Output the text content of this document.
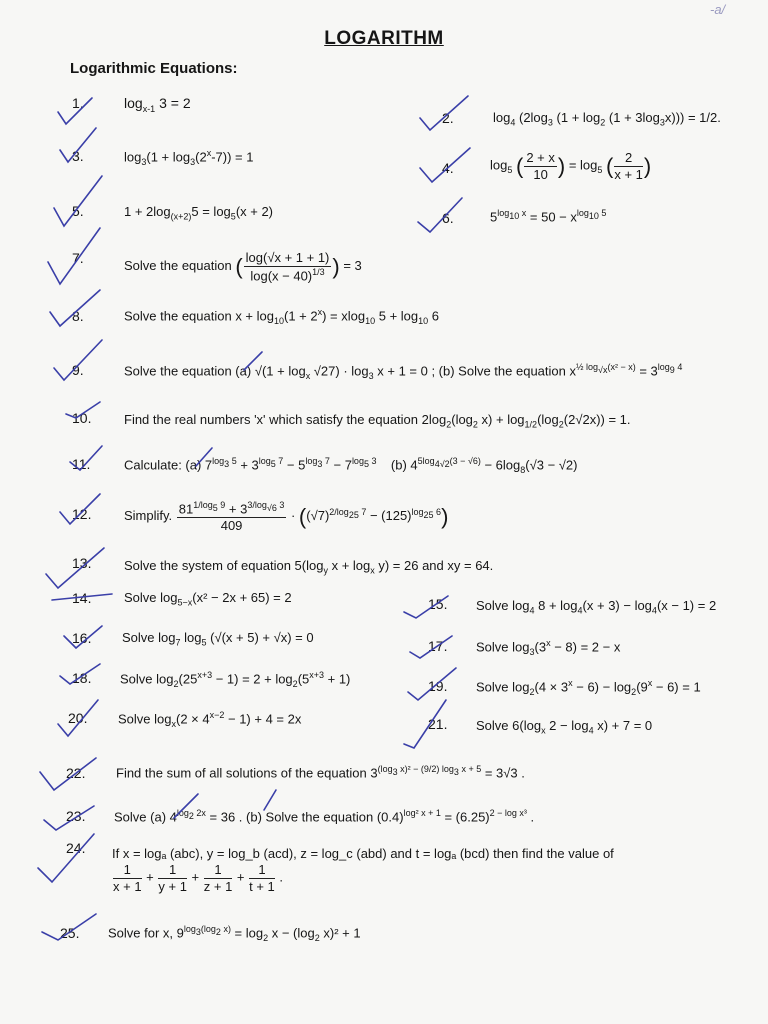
-a/
LOGARITHM
Logarithmic Equations:
1.	$\log_{x-1} 3 = 2$
2.	$\log_4 (2\log_3$ $(1 + \log_2 (1 + 3\log_3x))) = 1/2$.
3.	$\log_3(1 + \log_3(2^x-7)) = 1$
4.	$\log_5$ ( $\frac{2 + x}{10}$ ) = $\log_5$ ( $\frac{2}{x + 1}$ )
5.	$1 + 2\log_{(x+2)}5 = \log_5(x + 2)$	6.	$5^{log_{10} x} = 50 - x^{log_{10} 5}$
7.	Solve the equation ( $\frac{\log(√x + 1 + 1)}{\log(x - 40)^{1/3}}$ ) = 3
8.	Solve the equation $x + \log_{10}(1 + 2^x) = xlog_{10}$ $5 + \log_{10} 6$
9.	Solve the equation (a) $√(1 + \log_x √27) \cdot \log_3 x + 1 = 0$ ; (b) Solve the equation $x^{\frac{1}{2} log_{√x}(x^2 - x)} = 3^{log_9 4}$
10.	Find the real numbers 'x' which satisfy the equation $2\log_2(\log_2$ $x) + \log_{1/2}(\log_2(2√2x)) = 1$.
11.	Calculate: (a) $7^{log_3 5} + 3^{log_5 7} - 5^{log_3 7} - 7^{log_5 3}$    (b) $4^{5log_{4√2}(3 - √6)} - 6\log_8(√3 - √2)$
12.	Simplify. $\frac{81^{1/log_5 9} + 3^{3/log_{√6} 3}}{409} \cdot ((√7)^{2/log_{25} 7} - (125)^{log_{25} 6})$
13.	Solve the system of equation $5(\log_y$ $x + \log_x y) = 26$ and xy = 64.
14.	Solve $\log_{5-x}(x^2 - 2x + 65) = 2$	15. Solve $\log_4 8 + \log_4(x + 3) - \log_4(x - 1) = 2$
16. Solve $\log_7 \log_5 (√(x + 5) + √x) = 0$
17. Solve $\log_3(3^x - 8) = 2 - x$
18. Solve $\log_2(25^{x+3} - 1) = 2 + \log_2(5^{x+3} + 1)$	19. Solve $\log_2(4 \times 3^x - 6) - \log_2(9^x - 6) = 1$
20. Solve $\log_x(2 \times 4^{x-2} - 1) + 4 = 2x$	21. Solve $6(\log_x$ $2 - \log_4 x) + 7 = 0$
22. Find the sum of all solutions of the equation $3^{(log_3 x)^2 - (9/2) log_3 x + 5} = 3√3$ .
23. Solve (a) $4^{log_2 2x} = 36$ . (b) Solve the equation $(0.4)^{log^2 x + 1} = (6.25)^{2 - log x^3}$ .
24. If x = logₐ (abc), y = log_b (acd), z = log_c (abd) and t = logₐ (bcd) then find the value of
$\frac{1}{x + 1} + \frac{1}{y + 1} + \frac{1}{z + 1} + \frac{1}{t + 1}$ .
25. Solve for x, $9^{log_3(log_2 x)} = \log_2 x - (\log_2$ x)² + 1
